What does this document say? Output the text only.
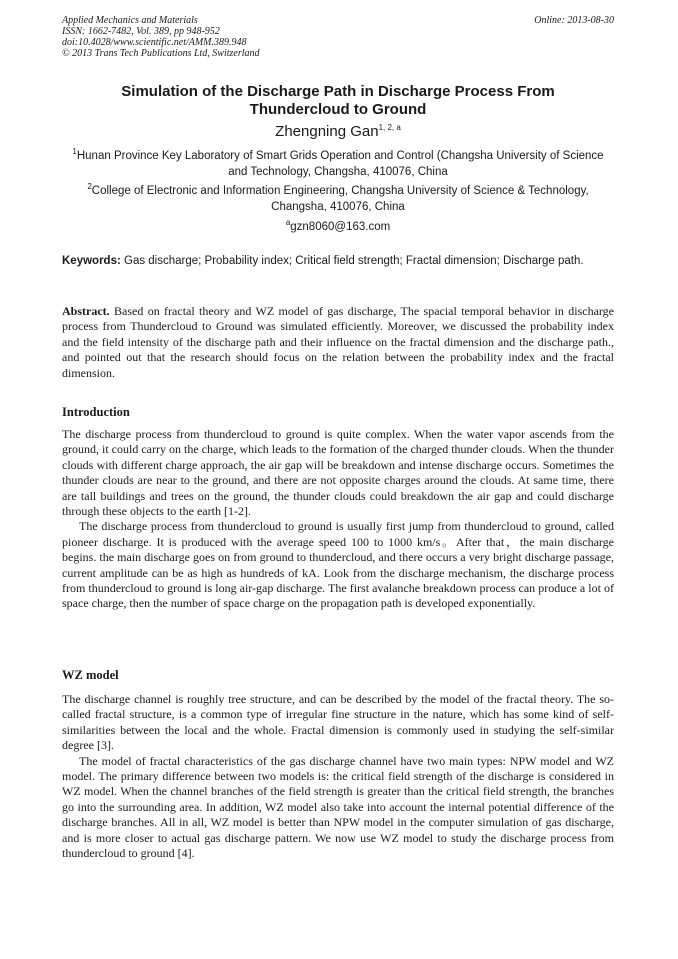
Applied Mechanics and Materials
ISSN: 1662-7482, Vol. 389, pp 948-952
doi:10.4028/www.scientific.net/AMM.389.948
© 2013 Trans Tech Publications Ltd, Switzerland
Online: 2013-08-30
Simulation of the Discharge Path in Discharge Process From
Thundercloud to Ground
Zhengning Gan$^{1, 2, a}$
$^1$Hunan Province Key Laboratory of Smart Grids Operation and Control (Changsha University of Science and Technology, Changsha, 410076, China
$^2$College of Electronic and Information Engineering, Changsha University of Science & Technology, Changsha, 410076, China
$^a$gzn8060@163.com
Keywords: Gas discharge; Probability index; Critical field strength; Fractal dimension; Discharge path.

Abstract. Based on fractal theory and WZ model of gas discharge, The spacial temporal behavior in discharge process from Thundercloud to Ground was simulated efficiently. Moreover, we discussed the probability index and the field intensity of the discharge path and their influence on the fractal dimension and the discharge path., and pointed out that the research should focus on the relation between the probability index and the fractal dimension.

Introduction

The discharge process from thundercloud to ground is quite complex. When the water vapor ascends from the ground, it could carry on the charge, which leads to the formation of the charged thunder clouds. When the thunder clouds with different charge approach, the air gap will be breakdown and intense discharge occurs. Sometimes the thunder clouds are near to the ground, and there are not opposite charges around the clouds. At same time, there are tall buildings and trees on the ground, the thunder clouds could breakdown the air gap and could discharge through these objects to the earth [1-2].

The discharge process from thundercloud to ground is usually first jump from thundercloud to ground, called pioneer discharge. It is produced with the average speed 100 to 1000 km/s。After that，the main discharge begins. the main discharge goes on from ground to thundercloud, and there occurs a very bright discharge passage, current amplitude can be as high as hundreds of kA. Look from the discharge mechanism, the discharge process from thundercloud to ground is long air-gap discharge. The first avalanche breakdown process can produce a lot of space charge, then the number of space charge on the propagation path is developed exponentially.

WZ model

The discharge channel is roughly tree structure, and can be described by the model of the fractal theory. The so-called fractal structure, is a common type of irregular fine structure in the nature, which has some kind of self-similarities between the local and the whole. Fractal dimension is commonly used in studying the self-similar degree [3].

The model of fractal characteristics of the gas discharge channel have two main types: NPW model and WZ model. The primary difference between two models is: the critical field strength of the discharge is considered in WZ model. When the channel branches of the field strength is greater than the critical field strength, the branches go into the surrounding area. In addition, WZ model also take into account the internal potential difference of the discharge branches. All in all, WZ model is better than NPW model in the computer simulation of gas discharge, and is more closer to actual gas discharge pattern. We now use WZ model to study the discharge process from thundercloud to ground [4].
